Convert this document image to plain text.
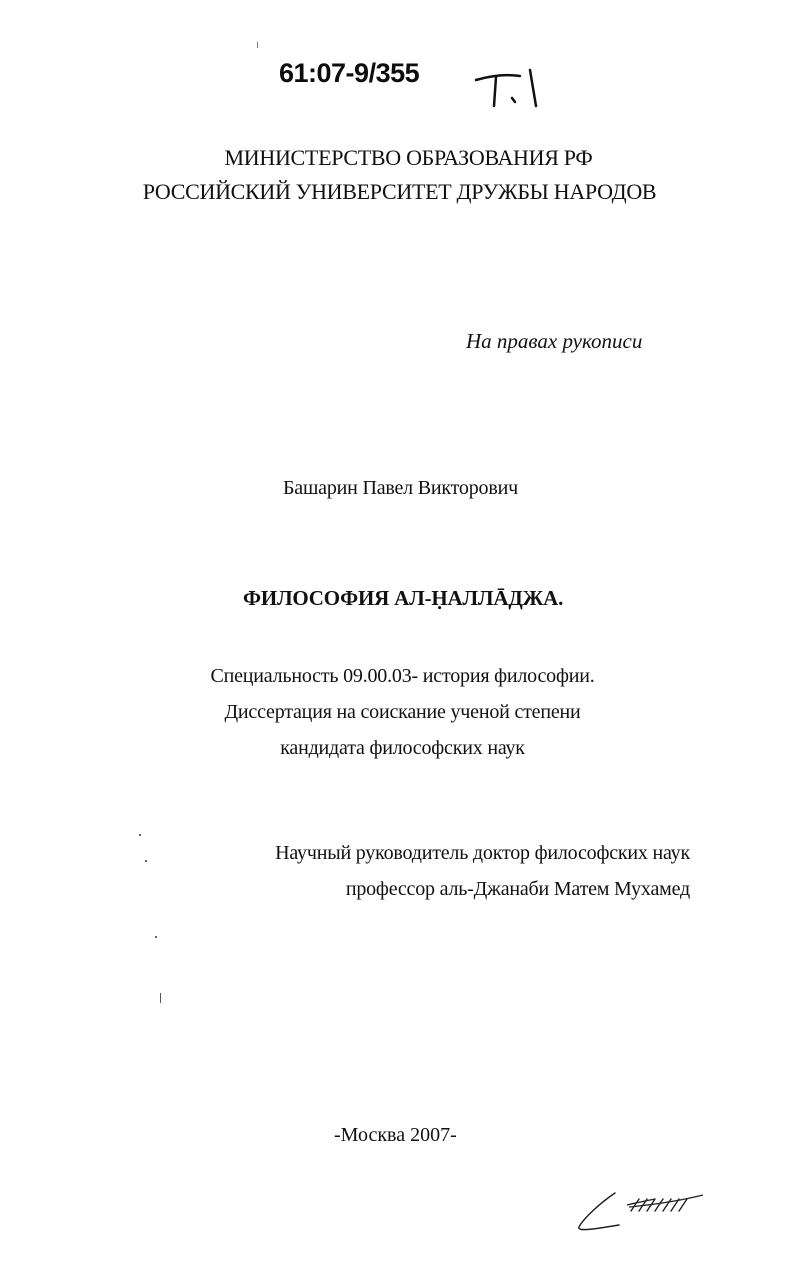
61:07-9/355
МИНИСТЕРСТВО ОБРАЗОВАНИЯ РФ
РОССИЙСКИЙ УНИВЕРСИТЕТ ДРУЖБЫ НАРОДОВ
На правах рукописи
Башарин Павел Викторович
ФИЛОСОФИЯ АЛ-ḤАЛЛĀДЖА.
Специальность 09.00.03- история философии.
Диссертация на соискание ученой степени
кандидата философских наук
Научный руководитель доктор философских наук
профессор аль-Джанаби Матем Мухамед
-Москва 2007-
